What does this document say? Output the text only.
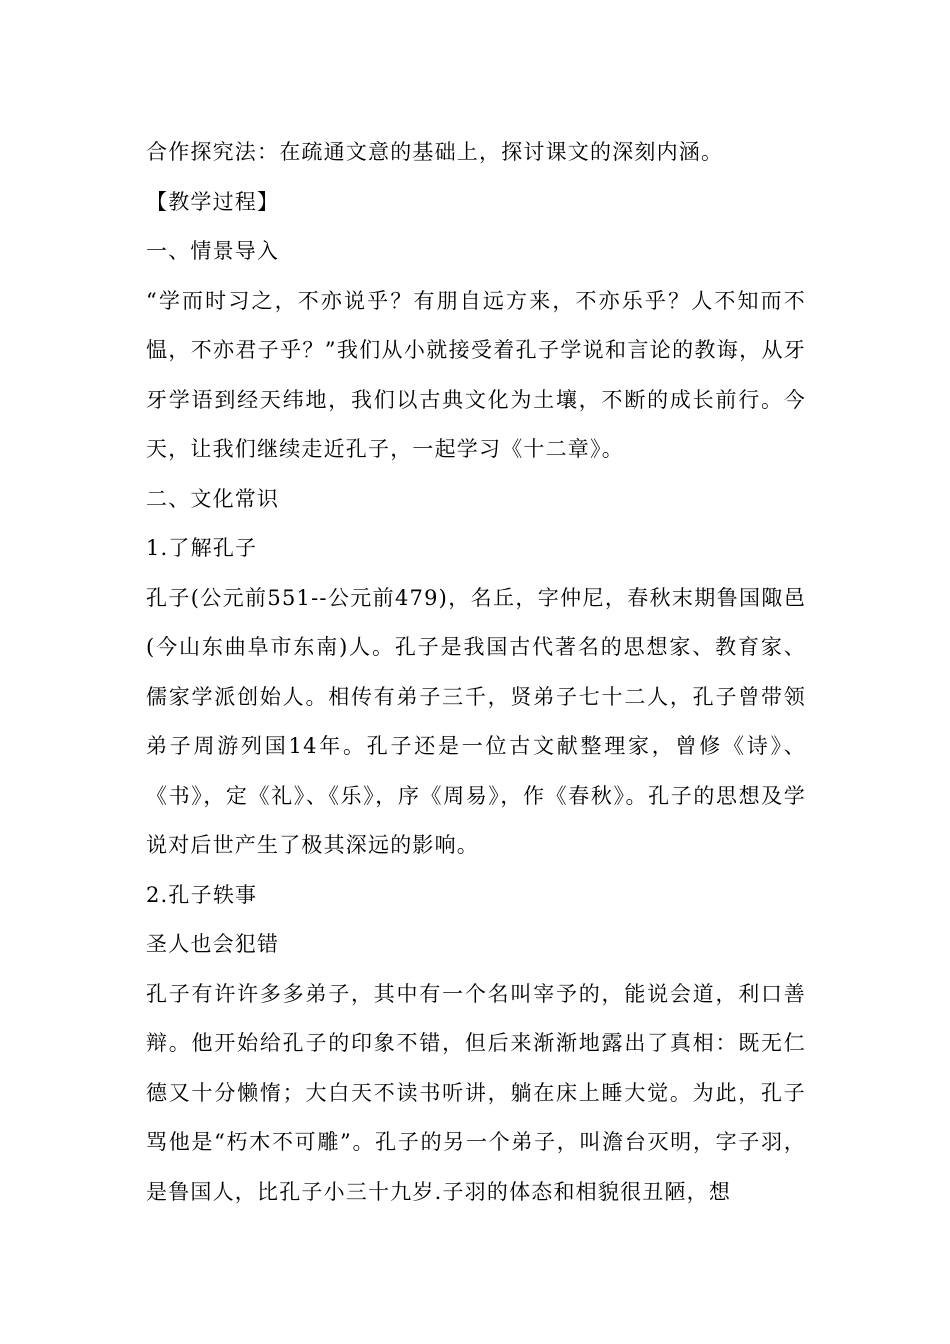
合作探究法：在疏通文意的基础上，探讨课文的深刻内涵。

【教学过程】

一、情景导入

“学而时习之，不亦说乎？有朋自远方来，不亦乐乎？人不知而不愠，不亦君子乎？”我们从小就接受着孔子学说和言论的教诲，从牙牙学语到经天纬地，我们以古典文化为土壤，不断的成长前行。今天，让我们继续走近孔子，一起学习《十二章》。

二、文化常识

1.了解孔子

孔子(公元前551--公元前479)，名丘，字仲尼，春秋末期鲁国陬邑(今山东曲阜市东南)人。孔子是我国古代著名的思想家、教育家、儒家学派创始人。相传有弟子三千，贤弟子七十二人，孔子曾带领弟子周游列国14年。孔子还是一位古文献整理家，曾修《诗》、《书》，定《礼》、《乐》，序《周易》，作《春秋》。孔子的思想及学说对后世产生了极其深远的影响。

2.孔子轶事

圣人也会犯错

孔子有许许多多弟子，其中有一个名叫宰予的，能说会道，利口善辩。他开始给孔子的印象不错，但后来渐渐地露出了真相：既无仁德又十分懒惰；大白天不读书听讲，躺在床上睡大觉。为此，孔子骂他是“朽木不可雕”。孔子的另一个弟子，叫澹台灭明，字子羽，是鲁国人，比孔子小三十九岁.子羽的体态和相貌很丑陋，想
